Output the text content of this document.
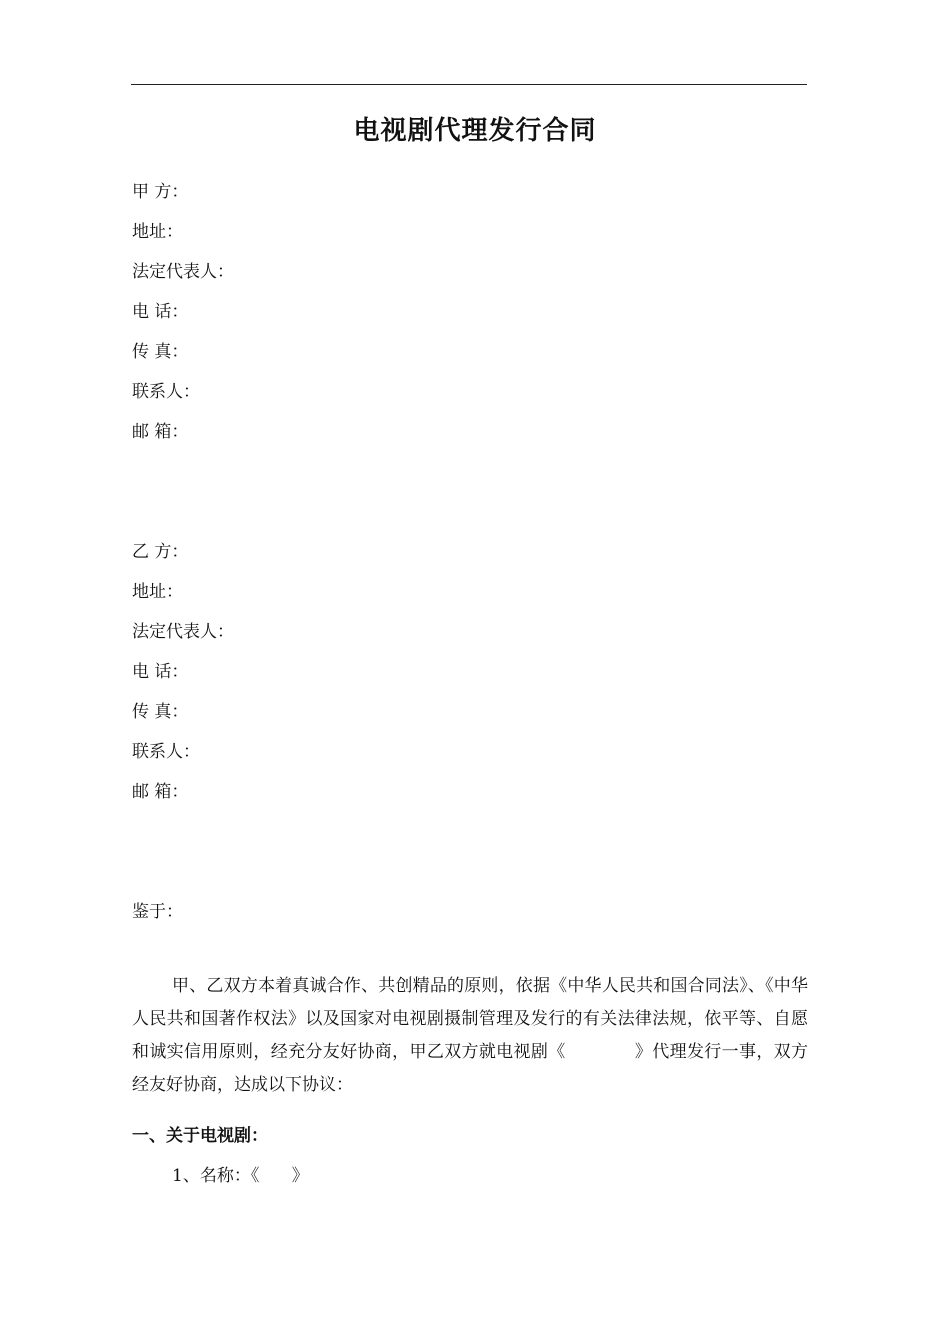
电视剧代理发行合同
甲 方：
地址：
法定代表人：
电 话：
传 真：
联系人：
邮 箱：
乙 方：
地址：
法定代表人：
电 话：
传 真：
联系人：
邮 箱：
鉴于：
甲、乙双方本着真诚合作、共创精品的原则，依据《中华人民共和国合同法》、《中华人民共和国著作权法》以及国家对电视剧摄制管理及发行的有关法律法规，依平等、自愿和诚实信用原则，经充分友好协商，甲乙双方就电视剧《　　　　》代理发行一事，双方经友好协商，达成以下协议：
一、关于电视剧：
1、名称：《      》
